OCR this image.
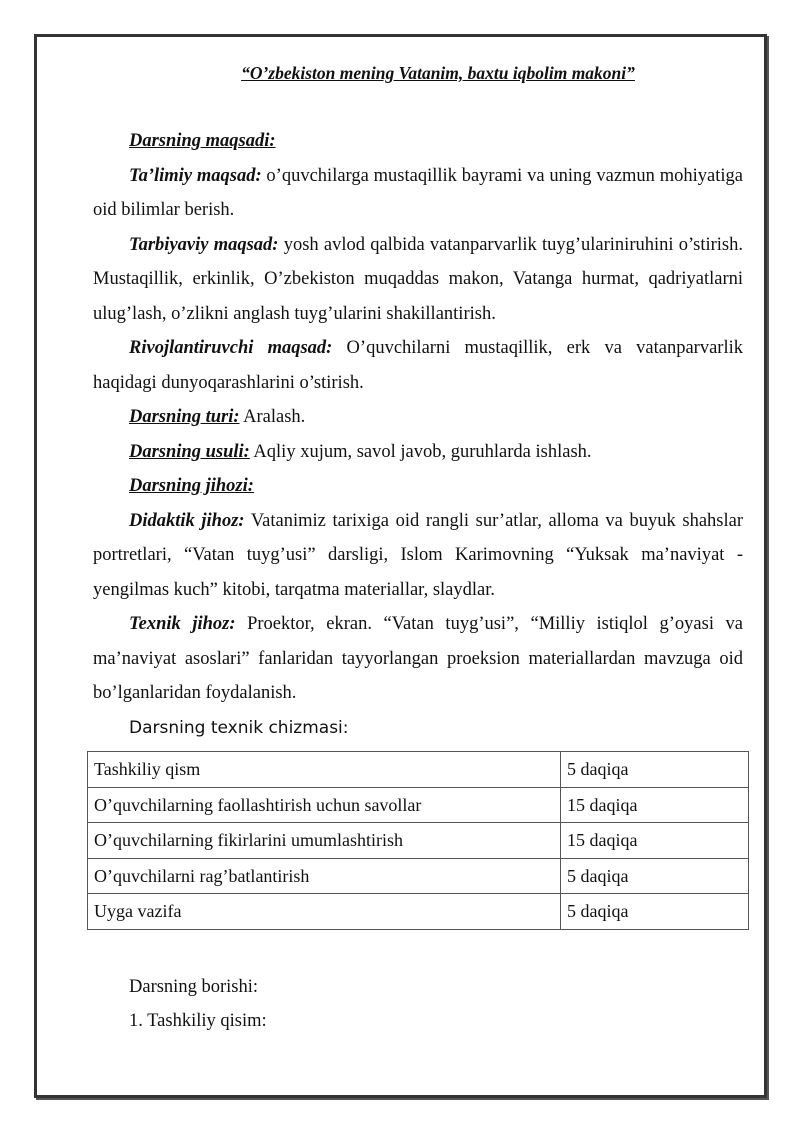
“O’zbekiston mening Vatanim, baxtu iqbolim makoni”

Darsning maqsadi:

Ta’limiy maqsad: o’quvchilarga mustaqillik bayrami va uning vazmun mohiyatiga oid bilimlar berish.

Tarbiyaviy maqsad: yosh avlod qalbida vatanparvarlik tuyg’ulariniruhini o’stirish. Mustaqillik, erkinlik, O’zbekiston muqaddas makon, Vatanga hurmat, qadriyatlarni ulug’lash, o’zlikni anglash tuyg’ularini shakillantirish.

Rivojlantiruvchi maqsad: O’quvchilarni mustaqillik, erk va vatanparvarlik haqidagi dunyoqarashlarini o’stirish.

Darsning turi: Aralash.

Darsning usuli: Aqliy xujum, savol javob, guruhlarda ishlash.

Darsning jihozi:

Didaktik jihoz: Vatanimiz tarixiga oid rangli sur’atlar, alloma va buyuk shahslar portretlari, “Vatan tuyg’usi” darsligi, Islom Karimovning “Yuksak ma’naviyat - yengilmas kuch” kitobi, tarqatma materiallar, slaydlar.

Texnik jihoz: Proektor, ekran. “Vatan tuyg’usi”, “Milliy istiqlol g’oyasi va ma’naviyat asoslari” fanlaridan tayyorlangan proeksion materiallardan mavzuga oid bo’lganlaridan foydalanish.

Darsning texnik chizmasi:

Tashkiliy qism	5 daqiqa
O’quvchilarning faollashtirish uchun savollar	15 daqiqa
O’quvchilarning fikirlarini umumlashtirish	15 daqiqa
O’quvchilarni rag’batlantirish	5 daqiqa
Uyga vazifa	5 daqiqa

Darsning borishi:

1. Tashkiliy qisim:
